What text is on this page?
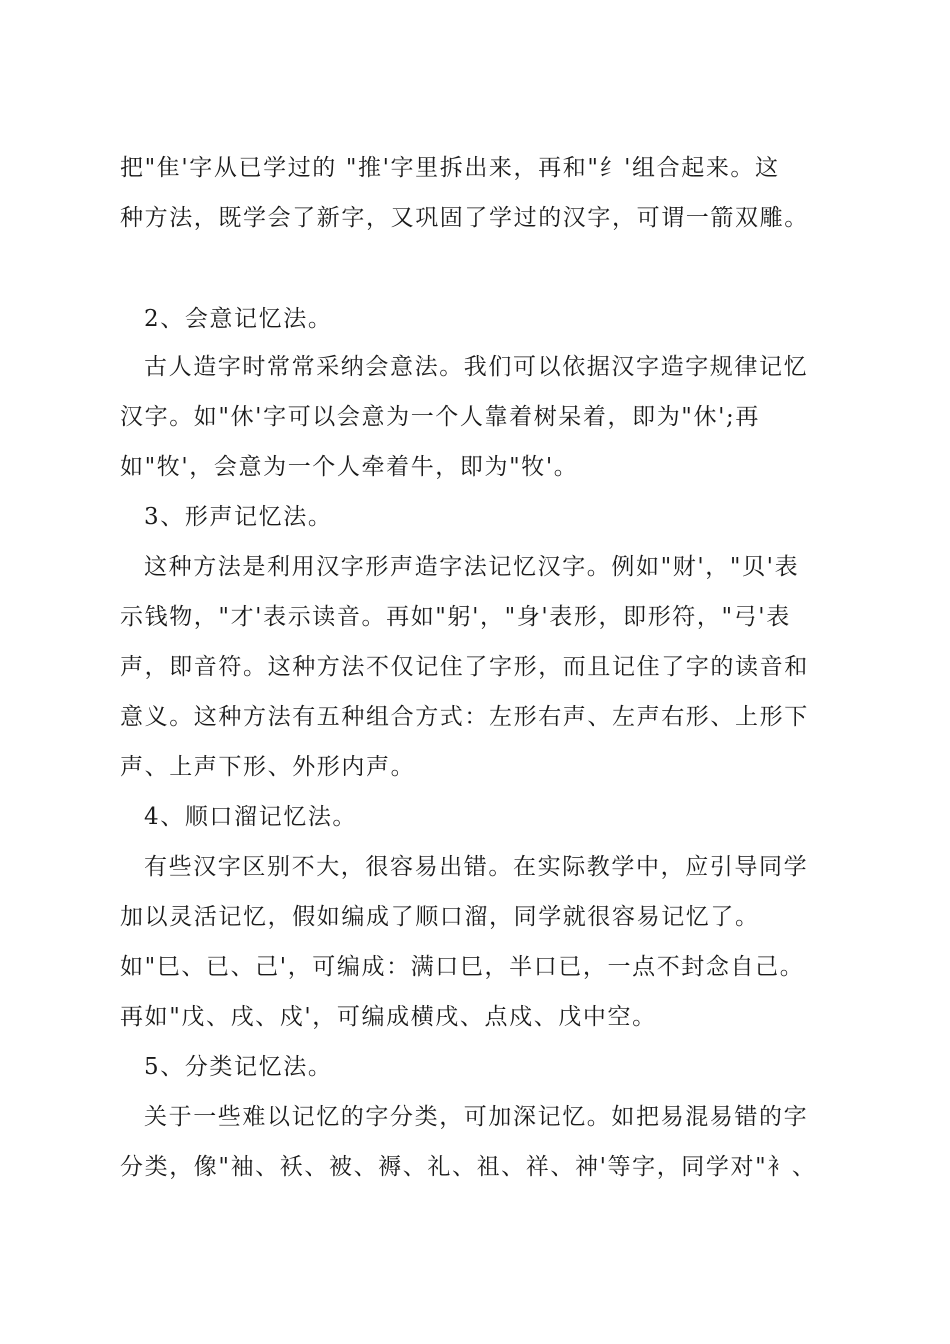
把"隹'字从已学过的 "推'字里拆出来，再和"纟'组合起来。这
种方法，既学会了新字，又巩固了学过的汉字，可谓一箭双雕。
2、会意记忆法。
古人造字时常常采纳会意法。我们可以依据汉字造字规律记忆
汉字。如"休'字可以会意为一个人靠着树呆着，即为"休';再
如"牧'，会意为一个人牵着牛，即为"牧'。
3、形声记忆法。
这种方法是利用汉字形声造字法记忆汉字。例如"财'，"贝'表
示钱物，"才'表示读音。再如"躬'，"身'表形，即形符，"弓'表
声，即音符。这种方法不仅记住了字形，而且记住了字的读音和
意义。这种方法有五种组合方式：左形右声、左声右形、上形下
声、上声下形、外形内声。
4、顺口溜记忆法。
有些汉字区别不大，很容易出错。在实际教学中，应引导同学
加以灵活记忆，假如编成了顺口溜，同学就很容易记忆了。
如"巳、已、己'，可编成：满口巳，半口已，一点不封念自己。
再如"戊、戌、戍'，可编成横戌、点戍、戊中空。
5、分类记忆法。
关于一些难以记忆的字分类，可加深记忆。如把易混易错的字
分类，像"袖、袄、被、褥、礼、祖、祥、神'等字，同学对"衤、
